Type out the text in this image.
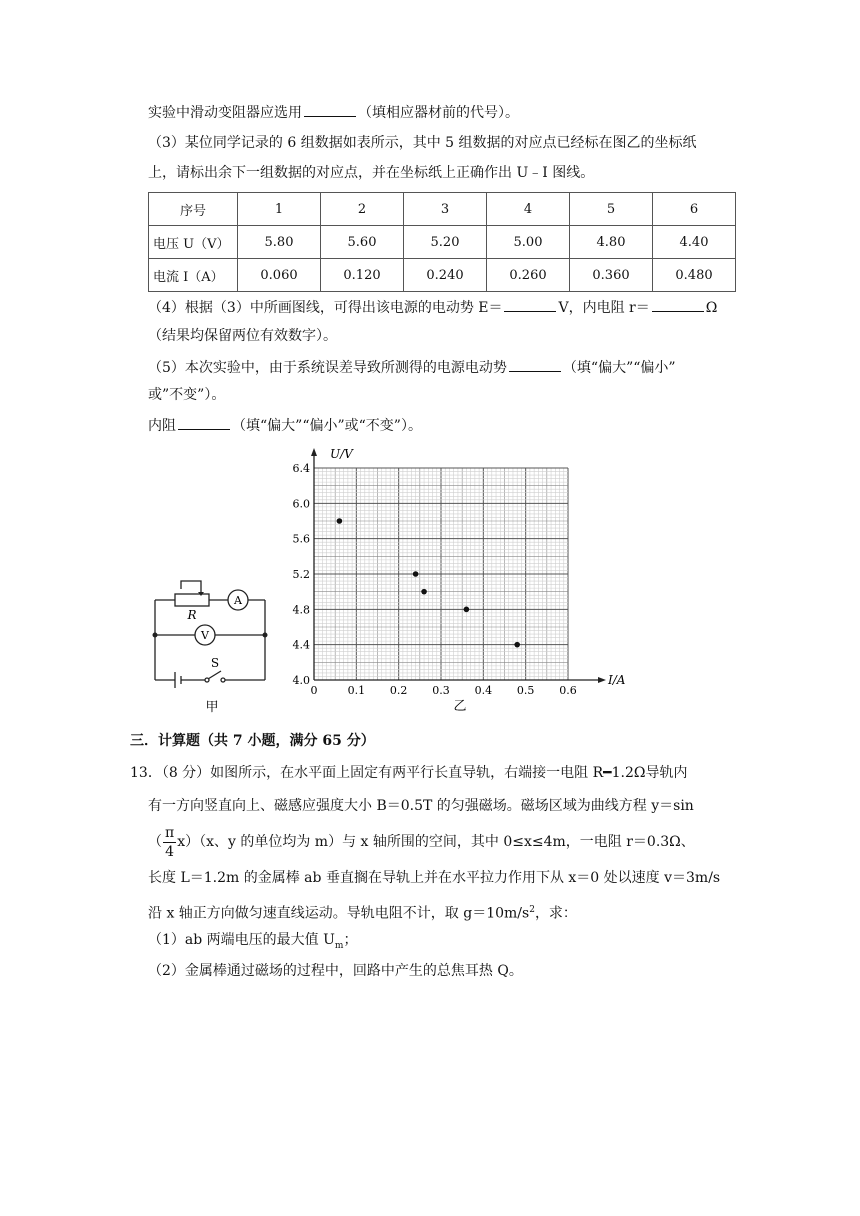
实验中滑动变阻器应选用	（填相应器材前的代号）。
（3）某位同学记录的 6 组数据如表所示，其中 5 组数据的对应点已经标在图乙的坐标纸
上，请标出余下一组数据的对应点，并在坐标纸上正确作出 U﹣I 图线。
序号	1	2	3	4	5	6
电压 U（V）	5.80	5.60	5.20	5.00	4.80	4.40
电流 I（A）	0.060	0.120	0.240	0.260	0.360	0.480
（4）根据（3）中所画图线，可得出该电源的电动势 E＝	V，内电阻 r＝	Ω
（结果均保留两位有效数字）。
（5）本次实验中，由于系统误差导致所测得的电源电动势	（填“偏大”“偏小”
或”不变”）。
内阻	（填“偏大”“偏小”或“不变”）。
R
A
V
S
甲
6.4
6.0
5.6
5.2
4.8
4.4
4.0
0	0.1 0.2 0.3 0.4 0.5 0.6
U/V
I/A
乙
三．计算题（共 7 小题，满分 65 分）
13．（8 分）如图所示，在水平面上固定有两平行长直导轨，右端接一电阻 R━1.2Ω导轨内
有一方向竖直向上、磁感应强度大小 B＝0.5T 的匀强磁场。磁场区域为曲线方程 y＝sin
（ $\frac{\pi}{4} x)(x$、y 的单位均为 m）与 x 轴所围的空间，其中 0≤x≤4m，一电阻 r＝0.3Ω、
长度 L＝1.2m 的金属棒 ab 垂直搁在导轨上并在水平拉力作用下从 x＝0 处以速度 v＝3m/s
沿 x 轴正方向做匀速直线运动。导轨电阻不计，取 $g=10m/s^2$，求：
（1）ab 两端电压的最大值 $U_m$；
（2）金属棒通过磁场的过程中，回路中产生的总焦耳热 Q。
